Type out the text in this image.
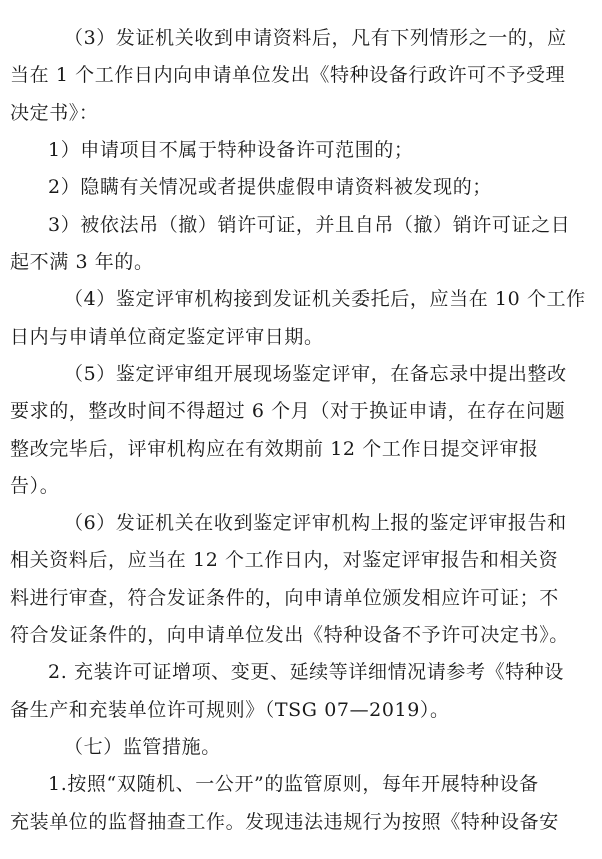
（3）发证机关收到申请资料后，凡有下列情形之一的，应
当在 1 个工作日内向申请单位发出《特种设备行政许可不予受理
决定书》：
1）申请项目不属于特种设备许可范围的；
2）隐瞒有关情况或者提供虚假申请资料被发现的；
3）被依法吊（撤）销许可证，并且自吊（撤）销许可证之日
起不满 3 年的。
（4）鉴定评审机构接到发证机关委托后，应当在 10 个工作
日内与申请单位商定鉴定评审日期。
（5）鉴定评审组开展现场鉴定评审，在备忘录中提出整改
要求的，整改时间不得超过 6 个月（对于换证申请，在存在问题
整改完毕后，评审机构应在有效期前 12 个工作日提交评审报
告）。
（6）发证机关在收到鉴定评审机构上报的鉴定评审报告和
相关资料后，应当在 12 个工作日内，对鉴定评审报告和相关资
料进行审查，符合发证条件的，向申请单位颁发相应许可证；不
符合发证条件的，向申请单位发出《特种设备不予许可决定书》。
2. 充装许可证增项、变更、延续等详细情况请参考《特种设
备生产和充装单位许可规则》（TSG 07—2019）。
（七）监管措施。
1.按照“双随机、一公开”的监管原则，每年开展特种设备
充装单位的监督抽查工作。发现违法违规行为按照《特种设备安
